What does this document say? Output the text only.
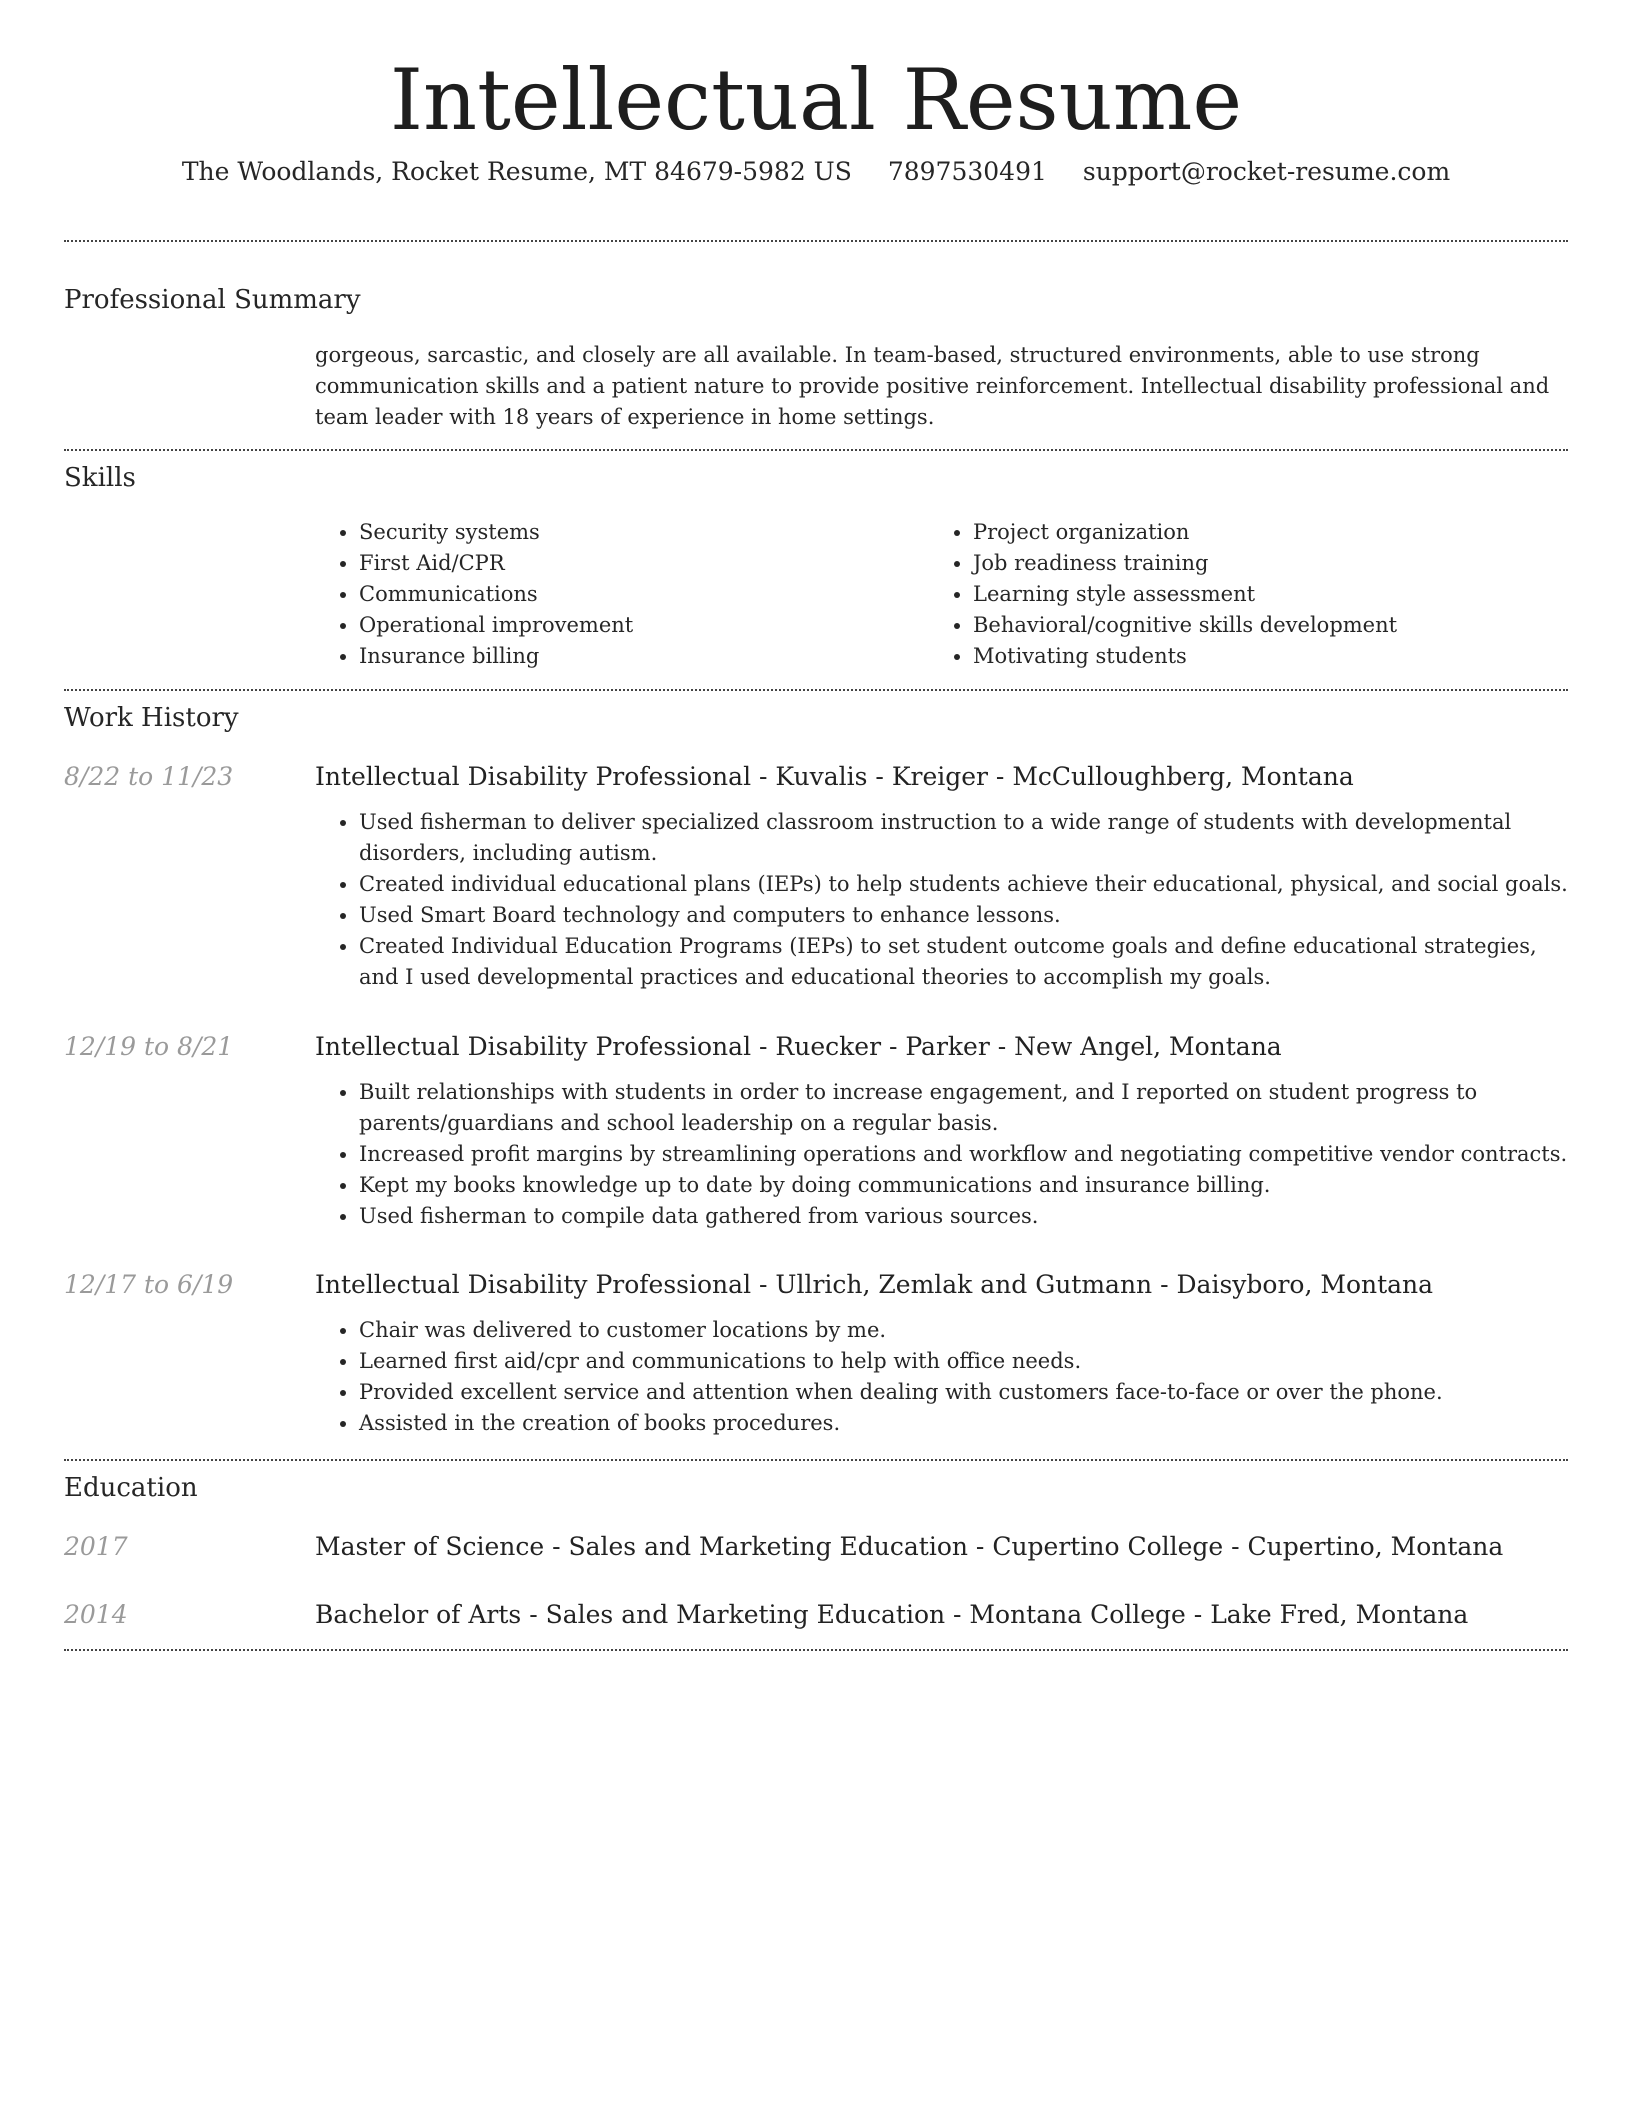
Intellectual Resume
The Woodlands, Rocket Resume, MT 84679-5982 US 7897530491 support@rocket-resume.com
Professional Summary

gorgeous, sarcastic, and closely are all available. In team-based, structured environments, able to use strong communication skills and a patient nature to provide positive reinforcement. Intellectual disability professional and team leader with 18 years of experience in home settings.

Skills
• Security systems
• First Aid/CPR
• Communications
• Operational improvement
• Insurance billing
• Project organization
• Job readiness training
• Learning style assessment
• Behavioral/cognitive skills development
• Motivating students
Work History
8/22 to 11/23	Intellectual Disability Professional - Kuvalis - Kreiger - McCulloughberg, Montana

• Used fisherman to deliver specialized classroom instruction to a wide range of students with developmental disorders, including autism.
• Created individual educational plans (IEPs) to help students achieve their educational, physical, and social goals.
• Used Smart Board technology and computers to enhance lessons.
• Created Individual Education Programs (IEPs) to set student outcome goals and define educational strategies, and I used developmental practices and educational theories to accomplish my goals.
12/19 to 8/21	Intellectual Disability Professional - Ruecker - Parker - New Angel, Montana

• Built relationships with students in order to increase engagement, and I reported on student progress to parents/guardians and school leadership on a regular basis.
• Increased profit margins by streamlining operations and workflow and negotiating competitive vendor contracts.
• Kept my books knowledge up to date by doing communications and insurance billing.
• Used fisherman to compile data gathered from various sources.
12/17 to 6/19	Intellectual Disability Professional - Ullrich, Zemlak and Gutmann - Daisyboro, Montana

• Chair was delivered to customer locations by me.
• Learned first aid/cpr and communications to help with office needs.
• Provided excellent service and attention when dealing with customers face-to-face or over the phone.
• Assisted in the creation of books procedures.
Education
2017	Master of Science - Sales and Marketing Education - Cupertino College - Cupertino, Montana

2014	Bachelor of Arts - Sales and Marketing Education - Montana College - Lake Fred, Montana
